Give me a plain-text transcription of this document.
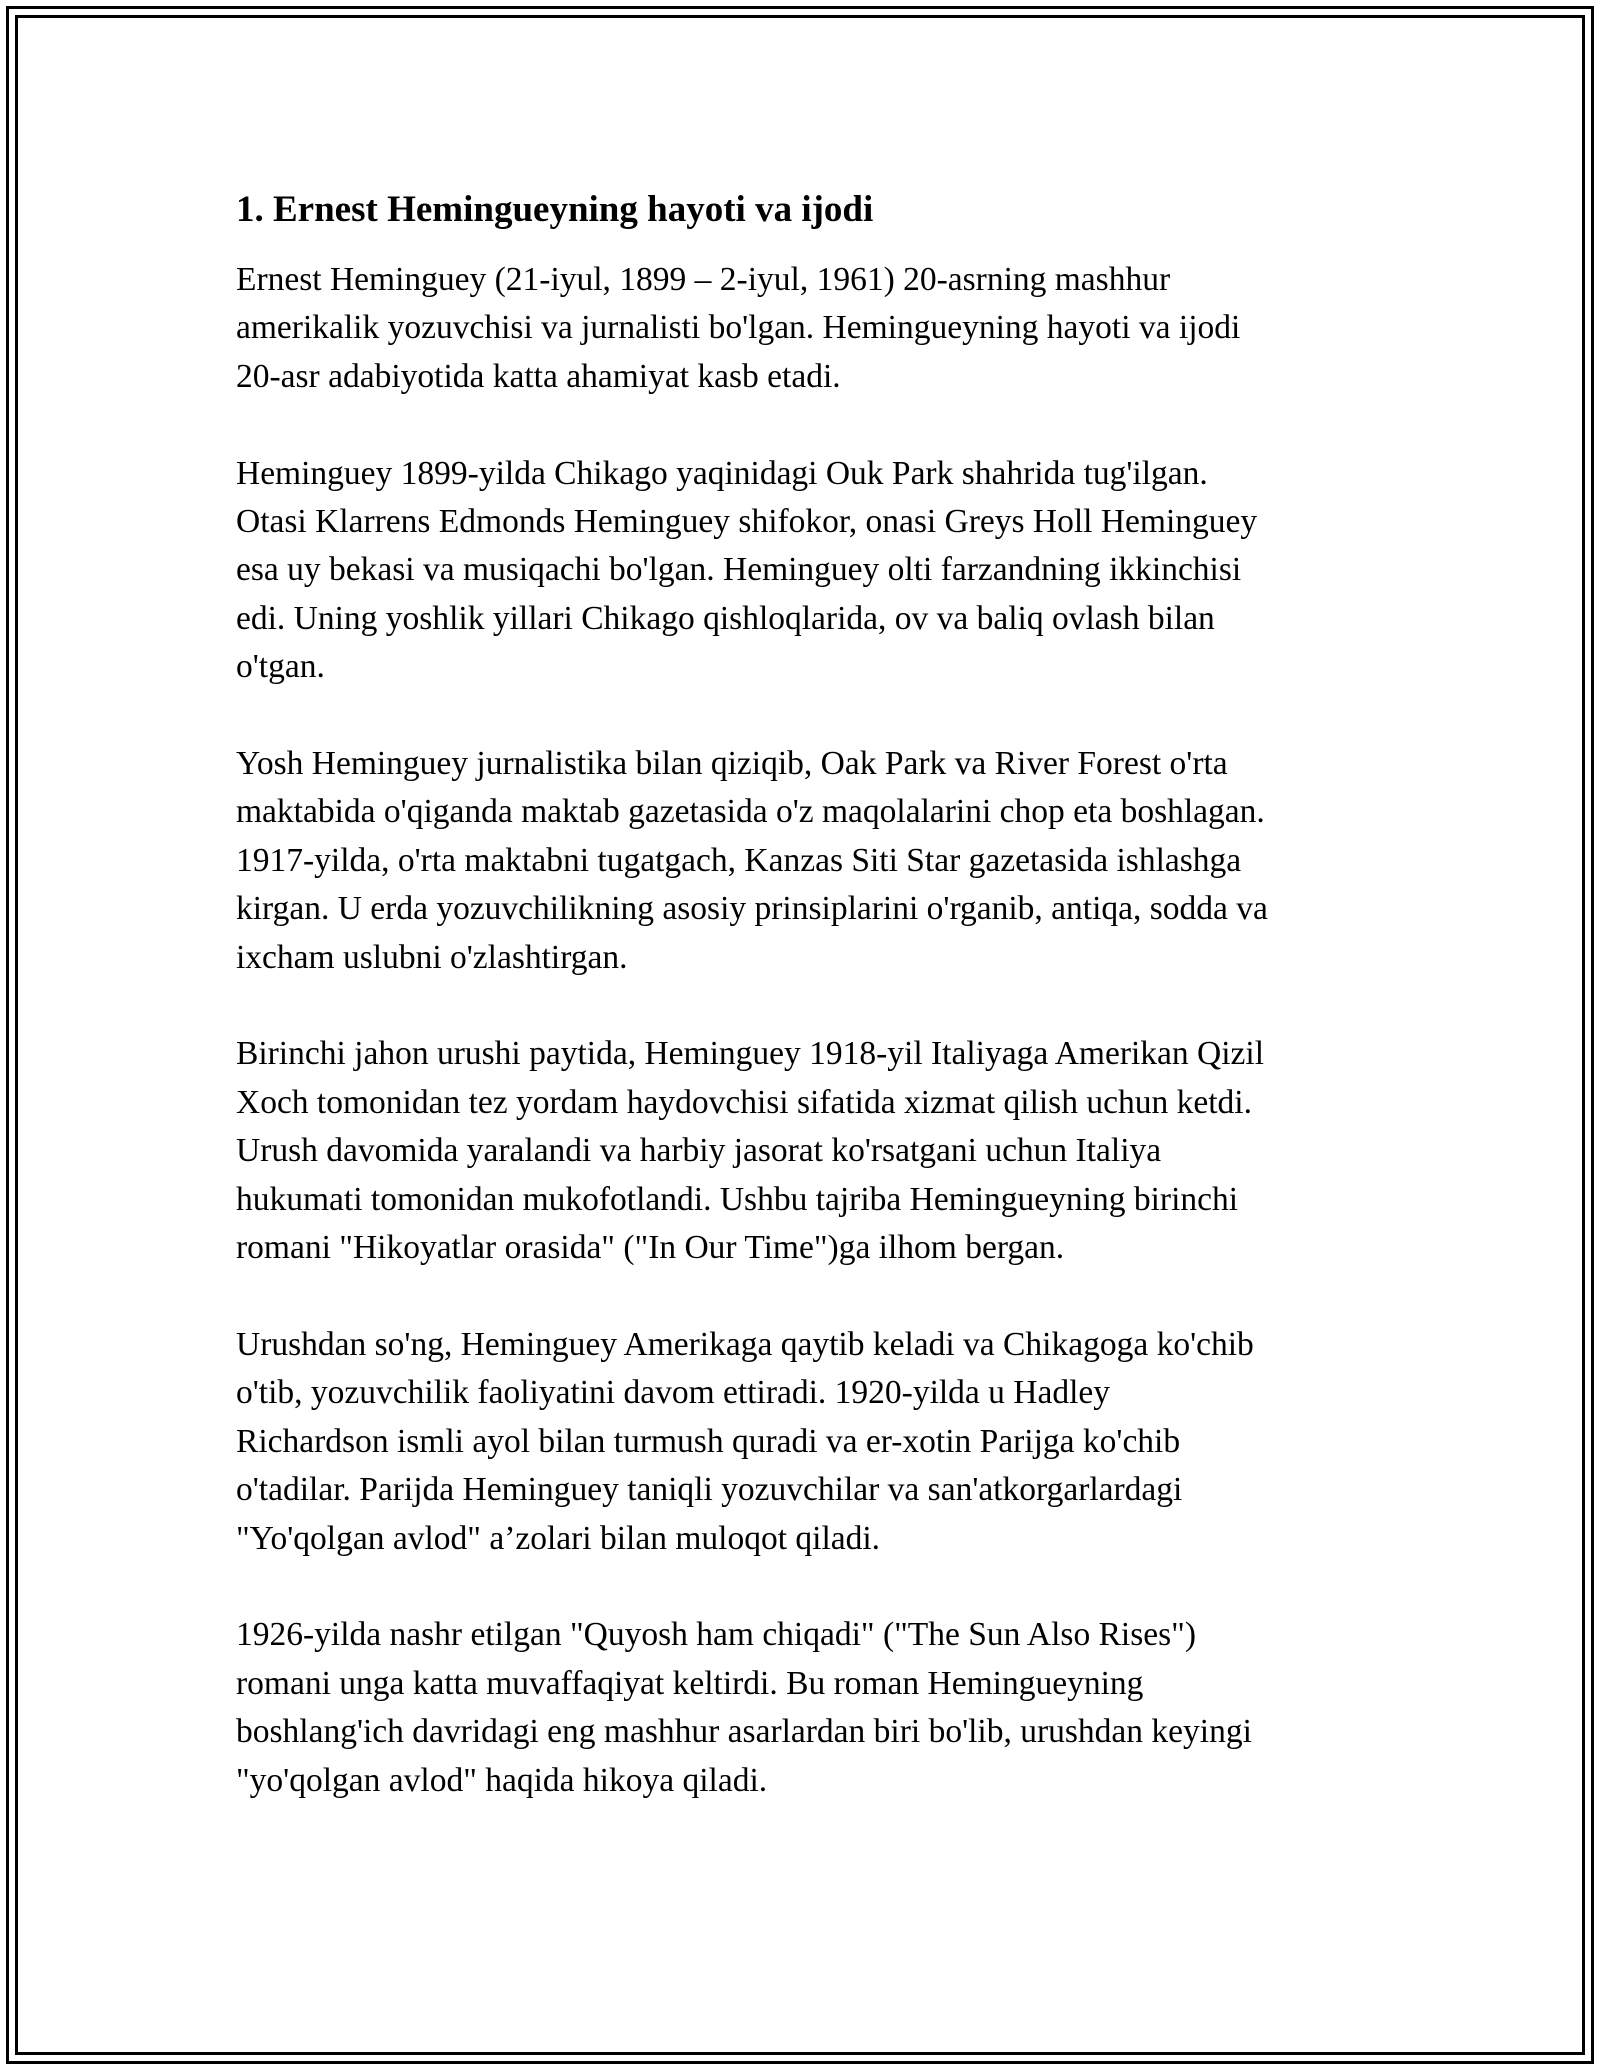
1. Ernest Hemingueyning hayoti va ijodi

Ernest Heminguey (21-iyul, 1899 – 2-iyul, 1961) 20-asrning mashhur
amerikalik yozuvchisi va jurnalisti bo'lgan. Hemingueyning hayoti va ijodi
20-asr adabiyotida katta ahamiyat kasb etadi.

Heminguey 1899-yilda Chikago yaqinidagi Ouk Park shahrida tug'ilgan.
Otasi Klarrens Edmonds Heminguey shifokor, onasi Greys Holl Heminguey
esa uy bekasi va musiqachi bo'lgan. Heminguey olti farzandning ikkinchisi
edi. Uning yoshlik yillari Chikago qishloqlarida, ov va baliq ovlash bilan
o'tgan.

Yosh Heminguey jurnalistika bilan qiziqib, Oak Park va River Forest o'rta
maktabida o'qiganda maktab gazetasida o'z maqolalarini chop eta boshlagan.
1917-yilda, o'rta maktabni tugatgach, Kanzas Siti Star gazetasida ishlashga
kirgan. U erda yozuvchilikning asosiy prinsiplarini o'rganib, antiqa, sodda va
ixcham uslubni o'zlashtirgan.

Birinchi jahon urushi paytida, Heminguey 1918-yil Italiyaga Amerikan Qizil
Xoch tomonidan tez yordam haydovchisi sifatida xizmat qilish uchun ketdi.
Urush davomida yaralandi va harbiy jasorat ko'rsatgani uchun Italiya
hukumati tomonidan mukofotlandi. Ushbu tajriba Hemingueyning birinchi
romani "Hikoyatlar orasida" ("In Our Time")ga ilhom bergan.

Urushdan so'ng, Heminguey Amerikaga qaytib keladi va Chikagoga ko'chib
o'tib, yozuvchilik faoliyatini davom ettiradi. 1920-yilda u Hadley
Richardson ismli ayol bilan turmush quradi va er-xotin Parijga ko'chib
o'tadilar. Parijda Heminguey taniqli yozuvchilar va san'atkorgarlardagi
"Yo'qolgan avlod" a’zolari bilan muloqot qiladi.

1926-yilda nashr etilgan "Quyosh ham chiqadi" ("The Sun Also Rises")
romani unga katta muvaffaqiyat keltirdi. Bu roman Hemingueyning
boshlang'ich davridagi eng mashhur asarlardan biri bo'lib, urushdan keyingi
"yo'qolgan avlod" haqida hikoya qiladi.
